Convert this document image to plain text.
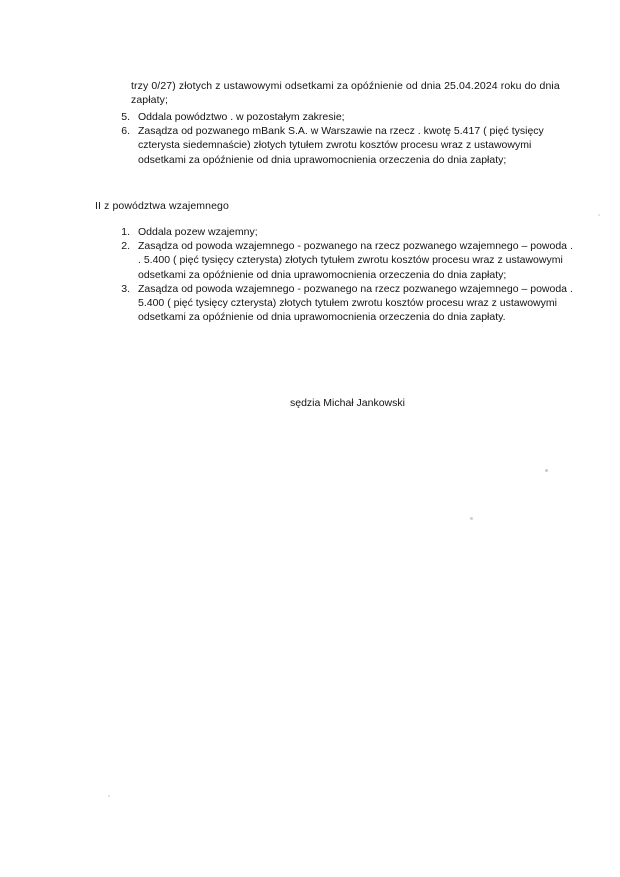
trzy 0/27) złotych z ustawowymi odsetkami za opóźnienie od dnia 25.04.2024 roku do dnia zapłaty;
5. Oddala powództwo . w pozostałym zakresie;
6. Zasądza od pozwanego mBank S.A. w Warszawie na rzecz . kwotę 5.417 ( pięć tysięcy czterysta siedemnaście) złotych tytułem zwrotu kosztów procesu wraz z ustawowymi odsetkami za opóźnienie od dnia uprawomocnienia orzeczenia do dnia zapłaty;
II z powództwa wzajemnego
1. Oddala pozew wzajemny;
2. Zasądza od powoda wzajemnego - pozwanego na rzecz pozwanego wzajemnego – powoda . . 5.400 ( pięć tysięcy czterysta) złotych tytułem zwrotu kosztów procesu wraz z ustawowymi odsetkami za opóźnienie od dnia uprawomocnienia orzeczenia do dnia zapłaty;
3. Zasądza od powoda wzajemnego - pozwanego na rzecz pozwanego wzajemnego – powoda . 5.400 ( pięć tysięcy czterysta) złotych tytułem zwrotu kosztów procesu wraz z ustawowymi odsetkami za opóźnienie od dnia uprawomocnienia orzeczenia do dnia zapłaty.
sędzia Michał Jankowski
